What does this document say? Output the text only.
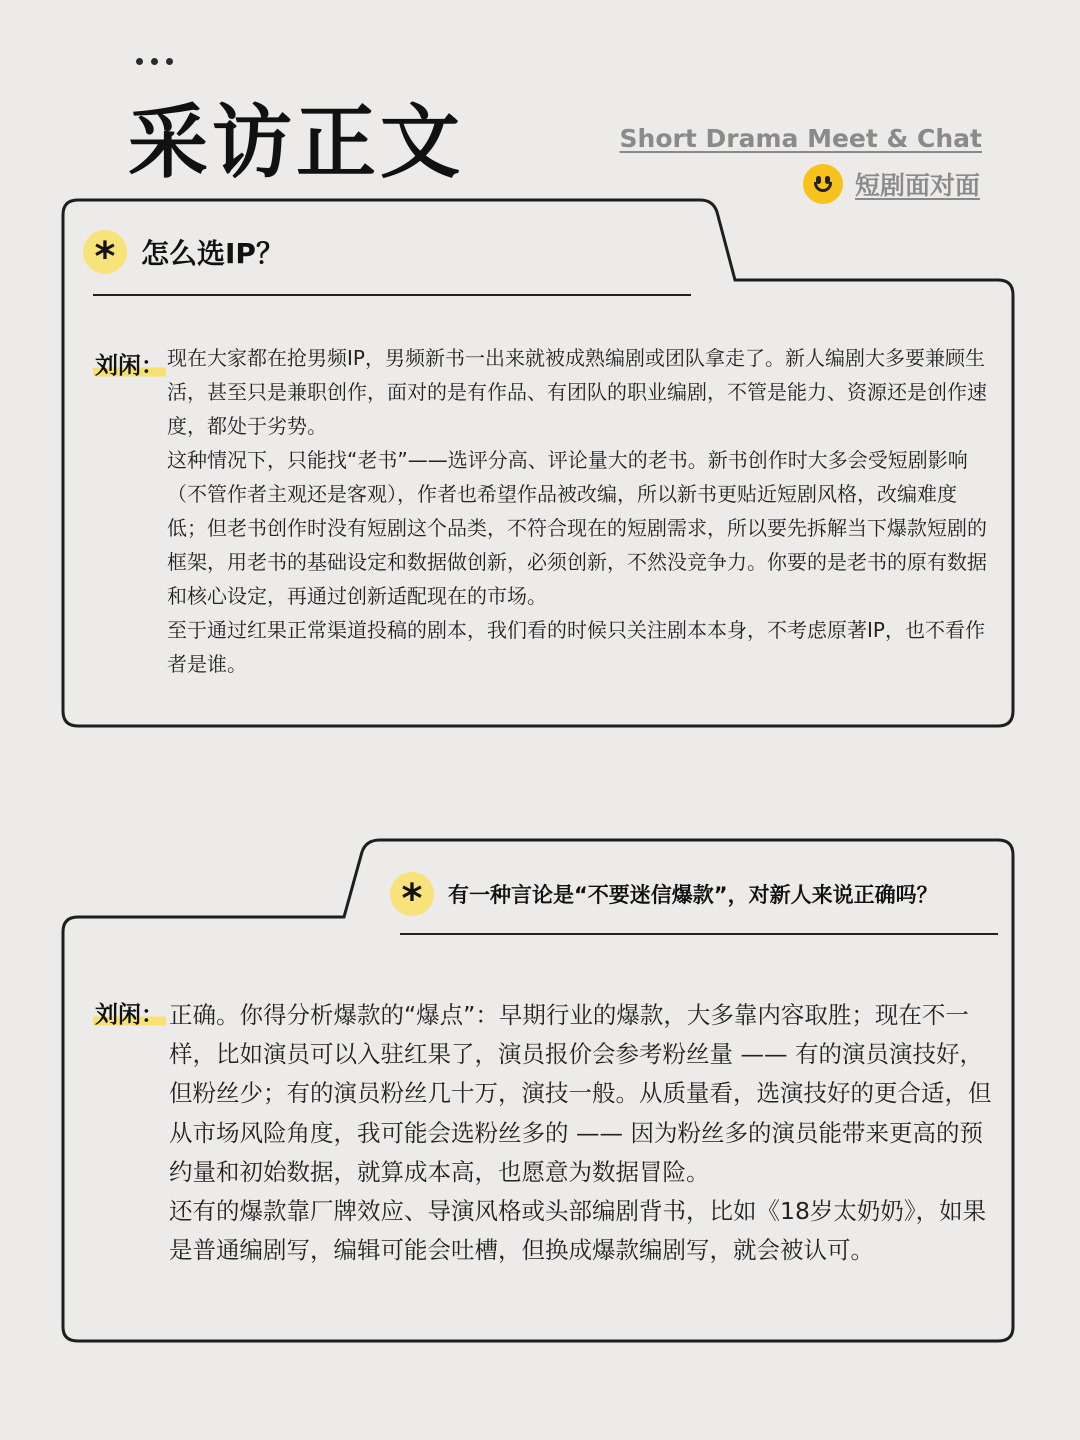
采访正文	Short Drama Meet & Chat
短剧面对面
* 怎么选IP？
刘闲： 现在大家都在抢男频IP，男频新书一出来就被成熟编剧或团队拿走了。新人编剧大多要兼顾生活，甚至只是兼职创作，面对的是有作品、有团队的职业编剧，不管是能力、资源还是创作速度，都处于劣势。

这种情况下，只能找“老书”——选评分高、评论量大的老书。新书创作时大多会受短剧影响（不管作者主观还是客观），作者也希望作品被改编，所以新书更贴近短剧风格，改编难度低；但老书创作时没有短剧这个品类，不符合现在的短剧需求，所以要先拆解当下爆款短剧的框架，用老书的基础设定和数据做创新，必须创新，不然没竞争力。你要的是老书的原有数据和核心设定，再通过创新适配现在的市场。

至于通过红果正常渠道投稿的剧本，我们看的时候只关注剧本本身，不考虑原著IP，也不看作者是谁。

* 有一种言论是“不要迷信爆款”，对新人来说正确吗？
刘闲： 正确。你得分析爆款的“爆点”：早期行业的爆款，大多靠内容取胜；现在不一样，比如演员可以入驻红果了，演员报价会参考粉丝量 —— 有的演员演技好，但粉丝少；有的演员粉丝几十万，演技一般。从质量看，选演技好的更合适，但从市场风险角度，我可能会选粉丝多的 —— 因为粉丝多的演员能带来更高的预约量和初始数据，就算成本高，也愿意为数据冒险。

还有的爆款靠厂牌效应、导演风格或头部编剧背书，比如《18岁太奶奶》，如果是普通编剧写，编辑可能会吐槽，但换成爆款编剧写，就会被认可。
